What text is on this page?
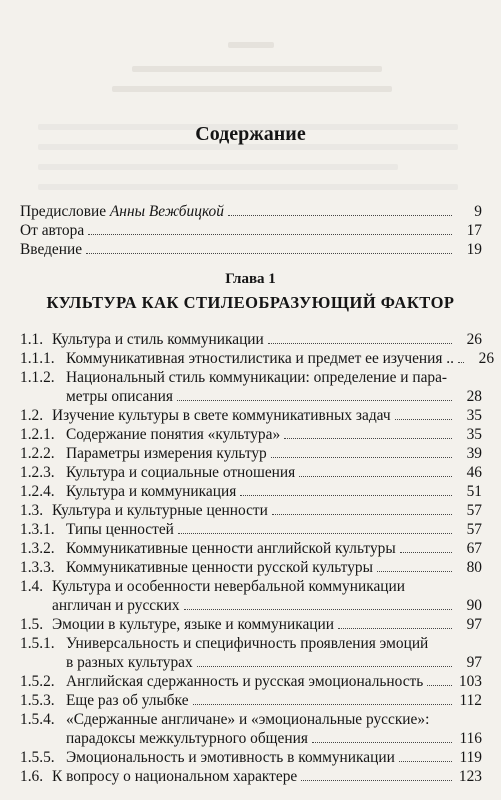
Содержание
Предисловие Анны Вежбицкой	9
От автора	17
Введение	19
Глава 1
КУЛЬТУРА КАК СТИЛЕОБРАЗУЮЩИЙ ФАКТОР
1.1. Культура и стиль коммуникации	26
1.1.1. Коммуникативная этностилистика и предмет ее изучения ..	26
1.1.2. Национальный стиль коммуникации: определение и пара-
метры описания	28
1.2. Изучение культуры в свете коммуникативных задач	35
1.2.1. Содержание понятия «культура»	35
1.2.2. Параметры измерения культур	39
1.2.3. Культура и социальные отношения	46
1.2.4. Культура и коммуникация	51
1.3. Культура и культурные ценности	57
1.3.1. Типы ценностей	57
1.3.2. Коммуникативные ценности английской культуры	67
1.3.3. Коммуникативные ценности русской культуры	80
1.4. Культура и особенности невербальной коммуникации
англичан и русских	90
1.5. Эмоции в культуре, языке и коммуникации	97
1.5.1. Универсальность и специфичность проявления эмоций
в разных культурах	97
1.5.2. Английская сдержанность и русская эмоциональность 103
1.5.3. Еще раз об улыбке	112
1.5.4. «Сдержанные англичане» и «эмоциональные русские»:
парадоксы межкультурного общения	116
1.5.5. Эмоциональность и эмотивность в коммуникации	119
1.6. К вопросу о национальном характере	123
